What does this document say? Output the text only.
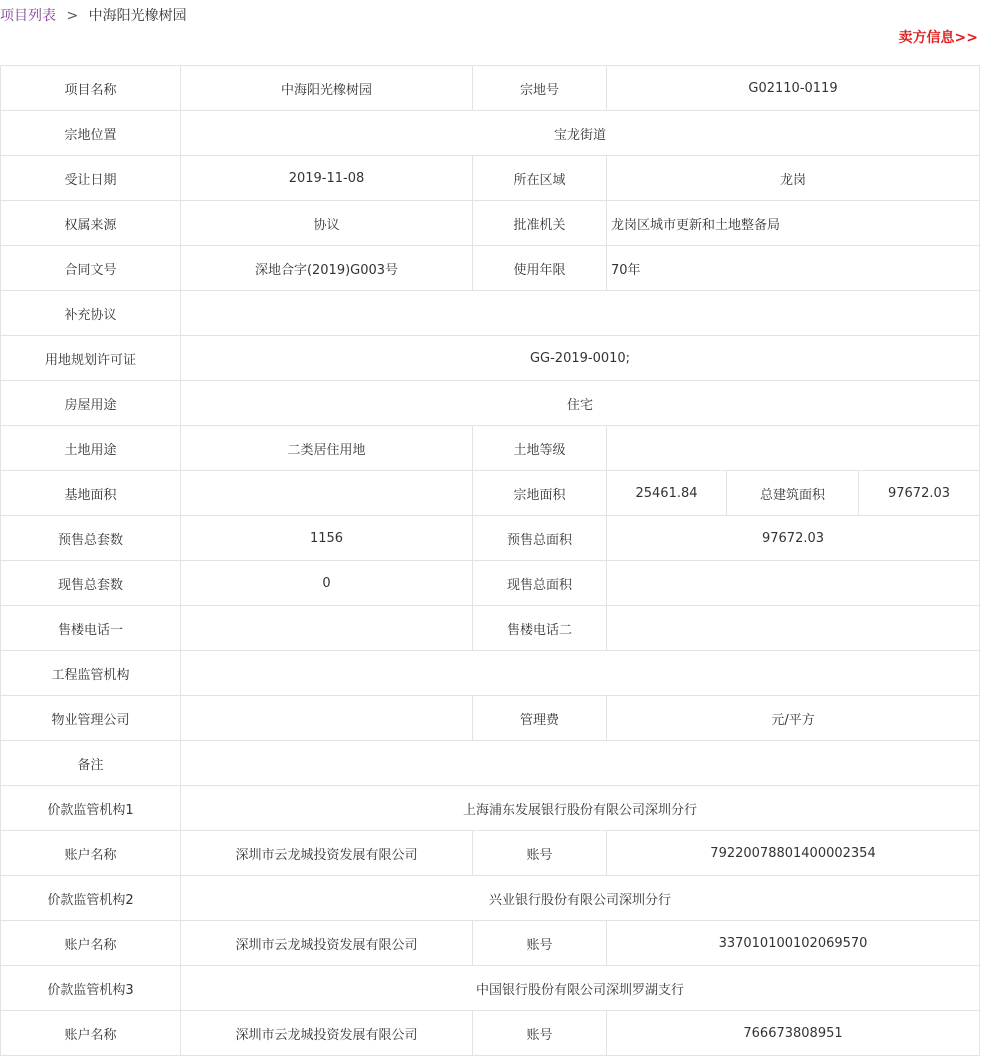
项目列表 > 中海阳光橡树园
卖方信息>>
项目名称	中海阳光橡树园	宗地号	G02110-0119		
宗地位置	宝龙街道				
受让日期	2019-11-08	所在区域	龙岗		
权属来源	协议	批准机关	龙岗区城市更新和土地整备局		
合同文号	深地合字(2019)G003号	使用年限	70年		
补充协议					
用地规划许可证	GG-2019-0010;				
房屋用途	住宅				
土地用途	二类居住用地	土地等级			
基地面积		宗地面积	25461.84	总建筑面积	97672.03
预售总套数	1156	预售总面积	97672.03		
现售总套数	0	现售总面积			
售楼电话一		售楼电话二			
工程监管机构					
物业管理公司		管理费	元/平方		
备注					
价款监管机构1	上海浦东发展银行股份有限公司深圳分行				
账户名称	深圳市云龙城投资发展有限公司	账号	79220078801400002354		
价款监管机构2	兴业银行股份有限公司深圳分行				
账户名称	深圳市云龙城投资发展有限公司	账号	337010100102069570		
价款监管机构3	中国银行股份有限公司深圳罗湖支行				
账户名称	深圳市云龙城投资发展有限公司	账号	766673808951		
